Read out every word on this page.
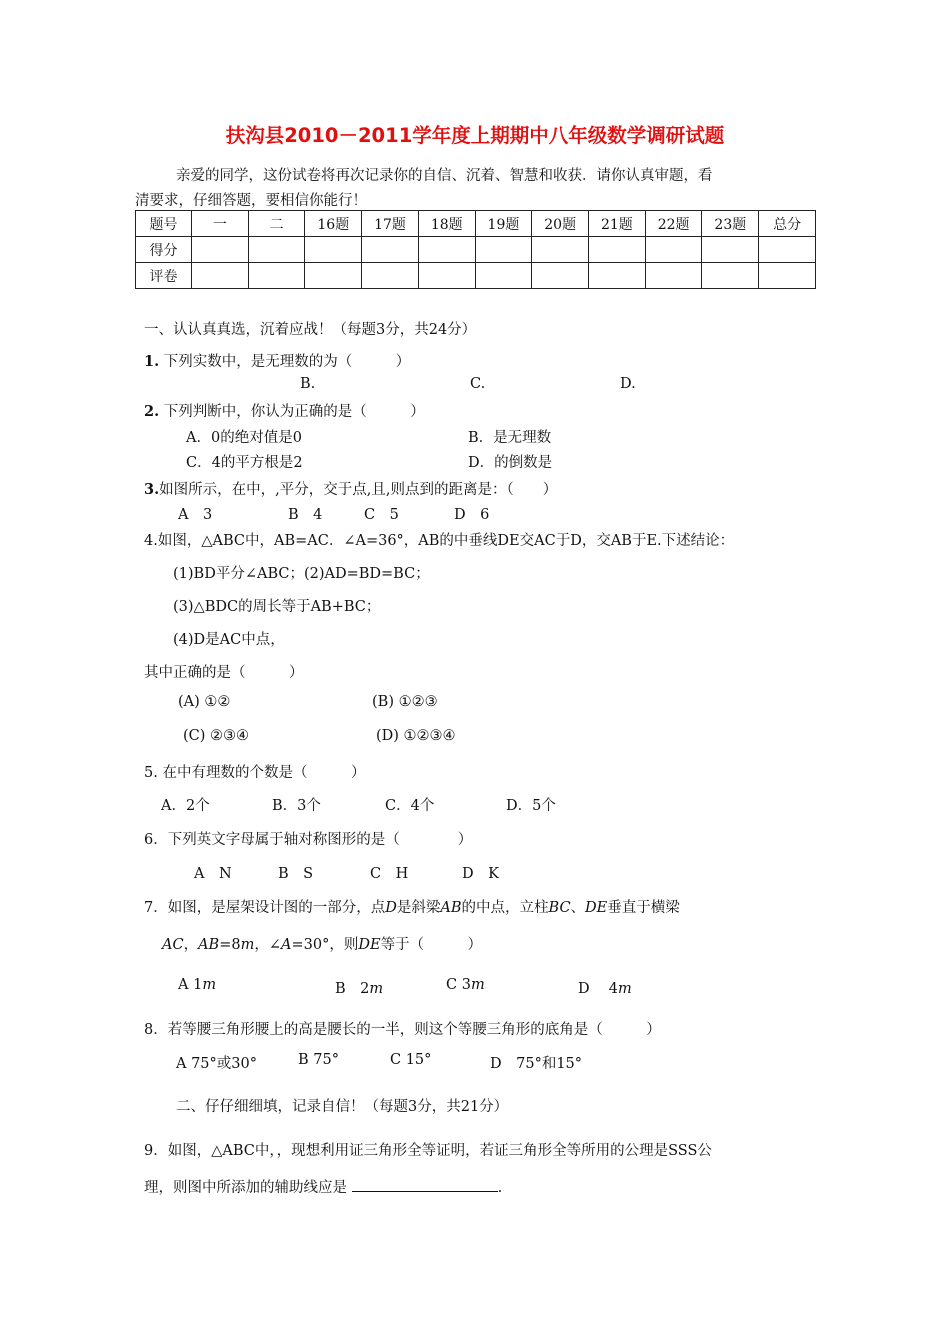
扶沟县2010－2011学年度上期期中八年级数学调研试题
亲爱的同学，这份试卷将再次记录你的自信、沉着、智慧和收获．请你认真审题，看
清要求，仔细答题，要相信你能行！
题号	一	二	16题	17题	18题	19题	20题	21题	22题	23题	总分
得分											
评卷											
一、认认真真选，沉着应战！（每题3分，共24分）
1. 下列实数中，是无理数的为（　　　）
B.	C.	D.
2. 下列判断中，你认为正确的是（　　　）
A．0的绝对值是0	B．是无理数
C．4的平方根是2	D．的倒数是
3.如图所示，在中，,平分，交于点,且,则点到的距离是：（　　）
A　3	B　4	C　5	D　6
4.如图，△ABC中，AB=AC．∠A=36°，AB的中垂线DE交AC于D，交AB于E.下述结论：
(1)BD平分∠ABC；(2)AD=BD=BC；
(3)△BDC的周长等于AB+BC；
(4)D是AC中点，
其中正确的是（　　　）
(A) ①②	(B) ①②③
(C) ②③④	(D) ①②③④
5. 在中有理数的个数是（　　　）
A．2个	B．3个	C．4个	D．5个
6．下列英文字母属于轴对称图形的是（　　　　）
A　N	B　S	C　H	D　K
7．如图，是屋架设计图的一部分，点D是斜梁AB的中点，立柱BC、DE垂直于横梁
AC，AB=8m，∠A=30°，则DE等于（　　　）
A 1m	B　2m	C 3m	D　 4m
8．若等腰三角形腰上的高是腰长的一半，则这个等腰三角形的底角是（　　　）
A 75°或30°	B 75°	C 15°	D　75°和15°
二、仔仔细细填，记录自信！（每题3分，共21分）
9．如图，△ABC中，，现想利用证三角形全等证明，若证三角形全等所用的公理是SSS公
理，则图中所添加的辅助线应是	.
